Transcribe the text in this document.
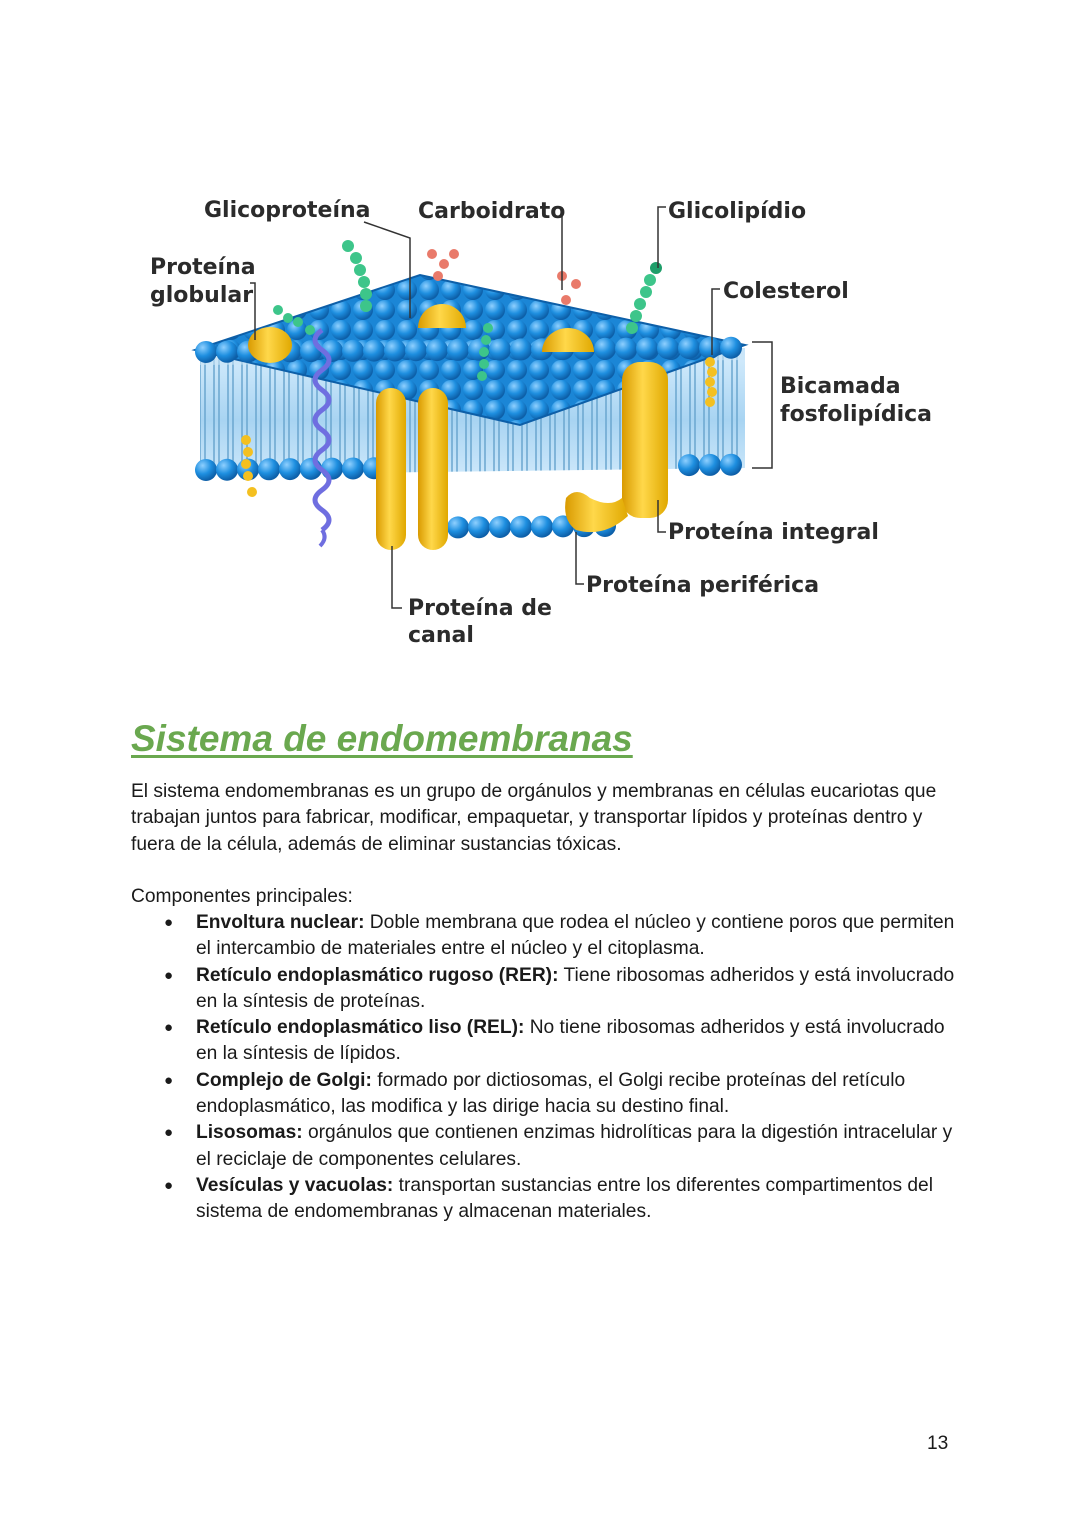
Glicoproteína Carboidrato	Glicolipídio
Proteína
globular	Colesterol
Bicamada
fosfolipídica
Proteína integral
Proteína periférica
Proteína de
canal
Sistema de endomembranas

El sistema endomembranas es un grupo de orgánulos y membranas en células eucariotas que trabajan juntos para fabricar, modificar, empaquetar, y transportar lípidos y proteínas dentro y fuera de la célula, además de eliminar sustancias tóxicas.

Componentes principales:

● Envoltura nuclear: Doble membrana que rodea el núcleo y contiene poros que permiten el intercambio de materiales entre el núcleo y el citoplasma.
● Retículo endoplasmático rugoso (RER): Tiene ribosomas adheridos y está involucrado en la síntesis de proteínas.
● Retículo endoplasmático liso (REL): No tiene ribosomas adheridos y está involucrado en la síntesis de lípidos.
● Complejo de Golgi: formado por dictiosomas, el Golgi recibe proteínas del retículo endoplasmático, las modifica y las dirige hacia su destino final.
● Lisosomas: orgánulos que contienen enzimas hidrolíticas para la digestión intracelular y el reciclaje de componentes celulares.
● Vesículas y vacuolas: transportan sustancias entre los diferentes compartimentos del sistema de endomembranas y almacenan materiales.
13
